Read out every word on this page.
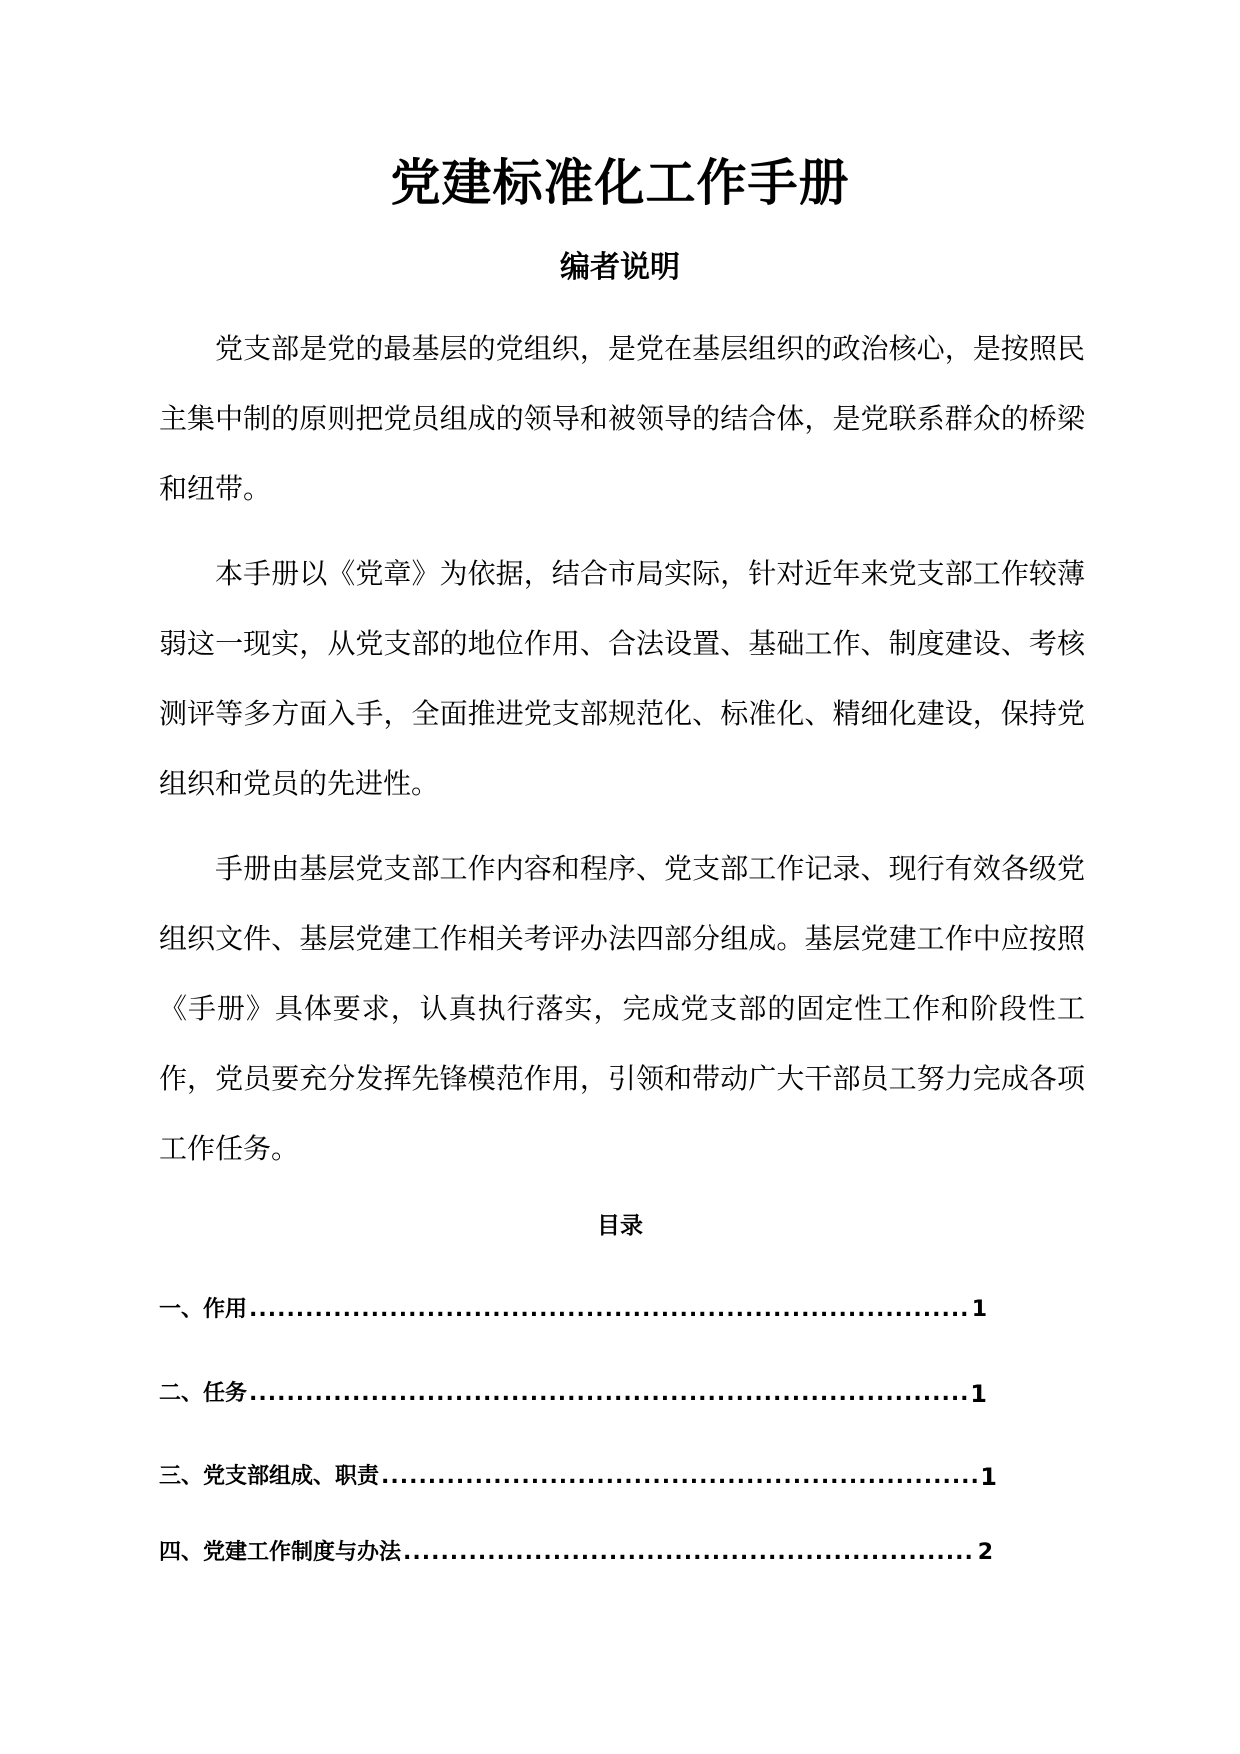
党建标准化工作手册
编者说明

党支部是党的最基层的党组织，是党在基层组织的政治核心，是按照民主集中制的原则把党员组成的领导和被领导的结合体，是党联系群众的桥梁和纽带。

本手册以《党章》为依据，结合市局实际，针对近年来党支部工作较薄弱这一现实，从党支部的地位作用、合法设置、基础工作、制度建设、考核测评等多方面入手，全面推进党支部规范化、标准化、精细化建设，保持党组织和党员的先进性。

手册由基层党支部工作内容和程序、党支部工作记录、现行有效各级党组织文件、基层党建工作相关考评办法四部分组成。基层党建工作中应按照《手册》具体要求，认真执行落实，完成党支部的固定性工作和阶段性工作，党员要充分发挥先锋模范作用，引领和带动广大干部员工努力完成各项工作任务。

目录
一、作用 .....	1
二、任务 .....	1
三、党支部组成、职责 .....	1
四、党建工作制度与办法 .....	2
